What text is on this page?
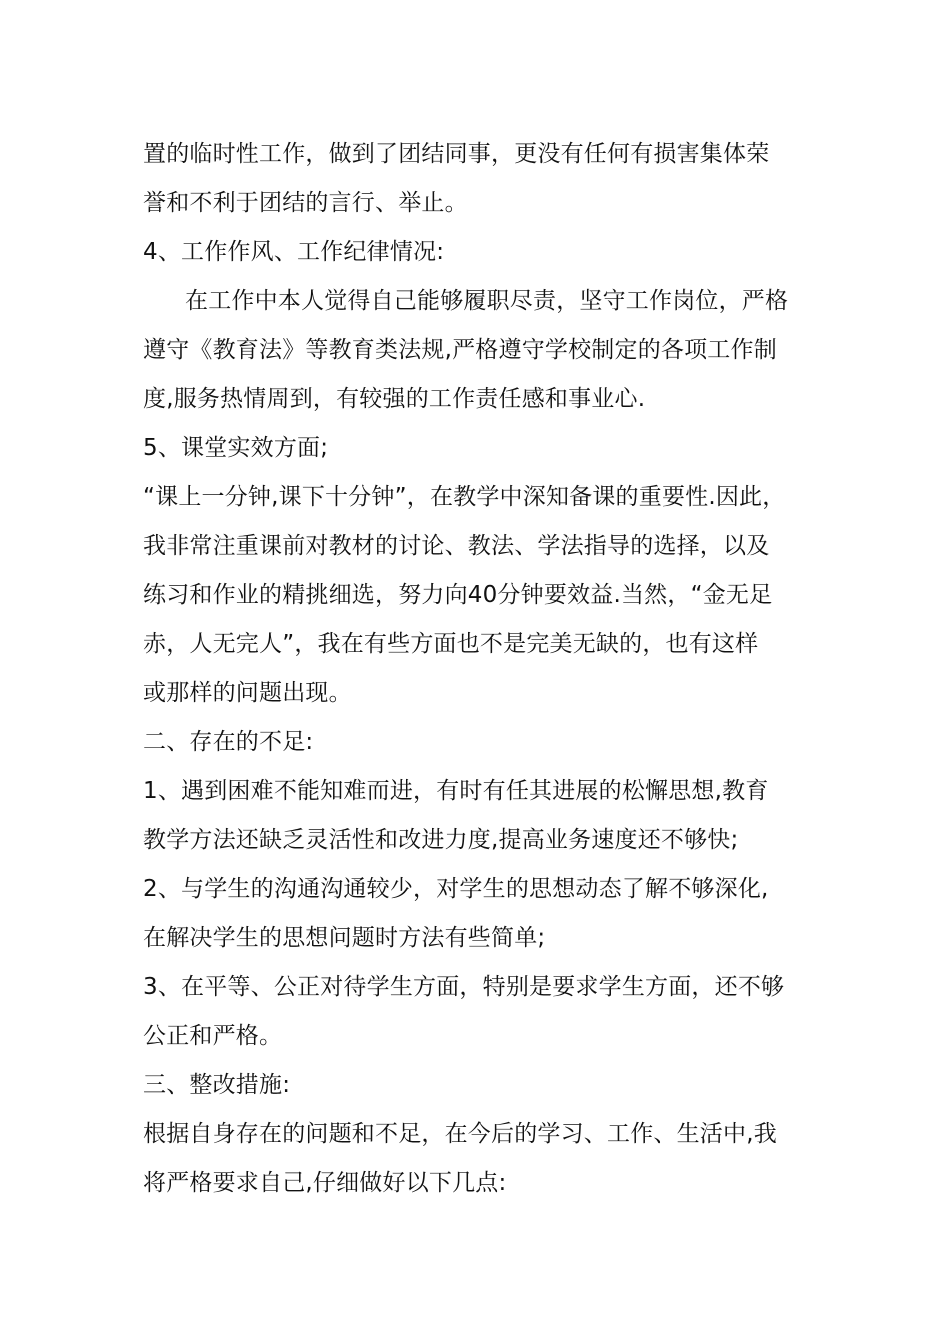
置的临时性工作，做到了团结同事，更没有任何有损害集体荣
誉和不利于团结的言行、举止。
4、工作作风、工作纪律情况:
在工作中本人觉得自己能够履职尽责，坚守工作岗位，严格
遵守《教育法》等教育类法规,严格遵守学校制定的各项工作制
度,服务热情周到，有较强的工作责任感和事业心.
5、课堂实效方面;
“课上一分钟,课下十分钟”，在教学中深知备课的重要性.因此，
我非常注重课前对教材的讨论、教法、学法指导的选择，以及
练习和作业的精挑细选，努力向40分钟要效益.当然，“金无足
赤，人无完人”，我在有些方面也不是完美无缺的，也有这样
或那样的问题出现。
二、存在的不足:
1、遇到困难不能知难而进，有时有任其进展的松懈思想,教育
教学方法还缺乏灵活性和改进力度,提高业务速度还不够快;
2、与学生的沟通沟通较少，对学生的思想动态了解不够深化,
在解决学生的思想问题时方法有些简单;
3、在平等、公正对待学生方面，特别是要求学生方面，还不够
公正和严格。
三、整改措施:
根据自身存在的问题和不足，在今后的学习、工作、生活中,我
将严格要求自己,仔细做好以下几点:
